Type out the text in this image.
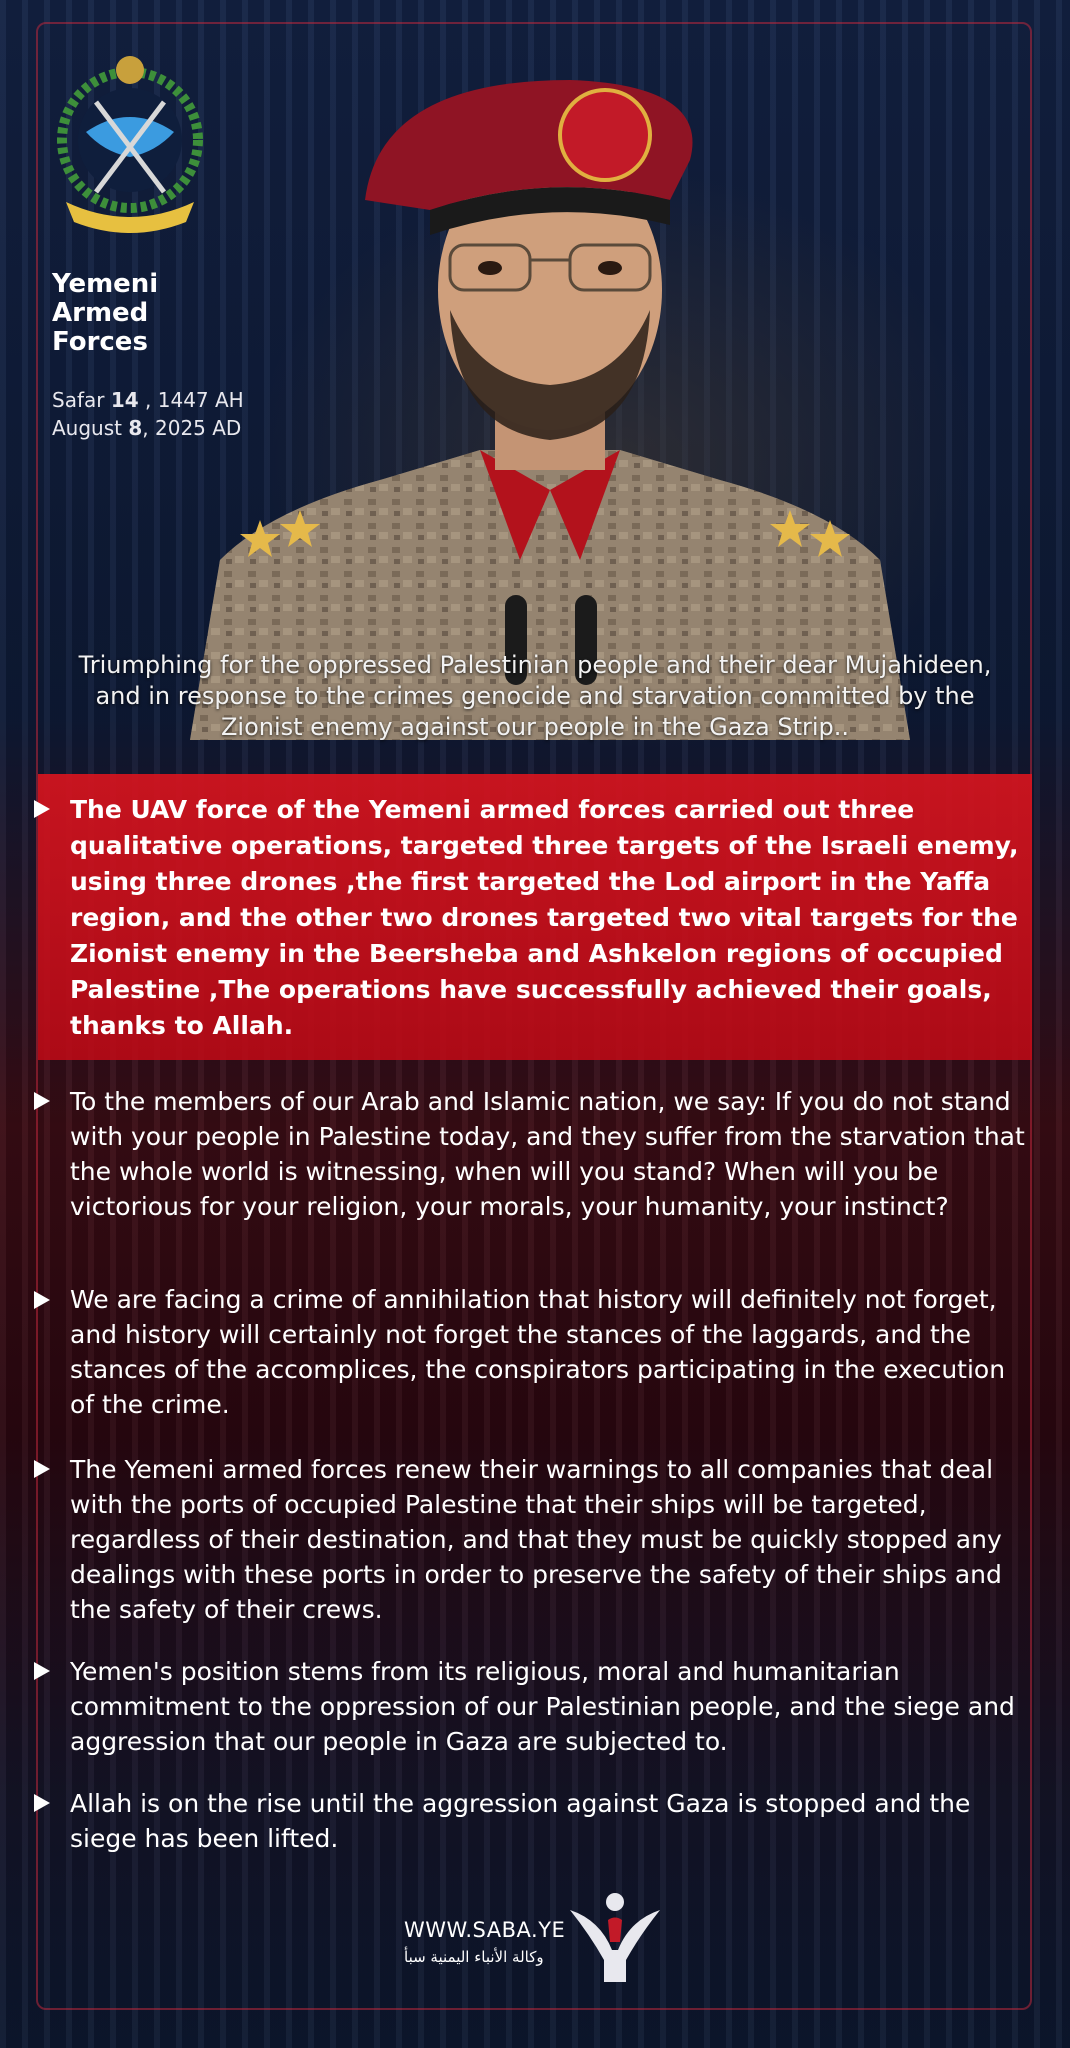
Yemeni
Armed
Forces
Safar 14 , 1447 AH
August 8, 2025 AD
Triumphing for the oppressed Palestinian people and their dear Mujahideen, and in response to the crimes genocide and starvation committed by the Zionist enemy against our people in the Gaza Strip..
The UAV force of the Yemeni armed forces carried out three qualitative operations, targeted three targets of the Israeli enemy, using three drones ,the first targeted the Lod airport in the Yaffa region, and the other two drones targeted two vital targets for the Zionist enemy in the Beersheba and Ashkelon regions of occupied Palestine ,The operations have successfully achieved their goals, thanks to Allah.
To the members of our Arab and Islamic nation, we say: If you do not stand with your people in Palestine today, and they suffer from the starvation that the whole world is witnessing, when will you stand? When will you be victorious for your religion, your morals, your humanity, your instinct?
We are facing a crime of annihilation that history will definitely not forget, and history will certainly not forget the stances of the laggards, and the stances of the accomplices, the conspirators participating in the execution of the crime.
The Yemeni armed forces renew their warnings to all companies that deal with the ports of occupied Palestine that their ships will be targeted, regardless of their destination, and that they must be quickly stopped any dealings with these ports in order to preserve the safety of their ships and the safety of their crews.
Yemen's position stems from its religious, moral and humanitarian commitment to the oppression of our Palestinian people, and the siege and aggression that our people in Gaza are subjected to.
Allah is on the rise until the aggression against Gaza is stopped and the siege has been lifted.
WWW.SABA.YE
وكالة الأنباء اليمنية سبأ
